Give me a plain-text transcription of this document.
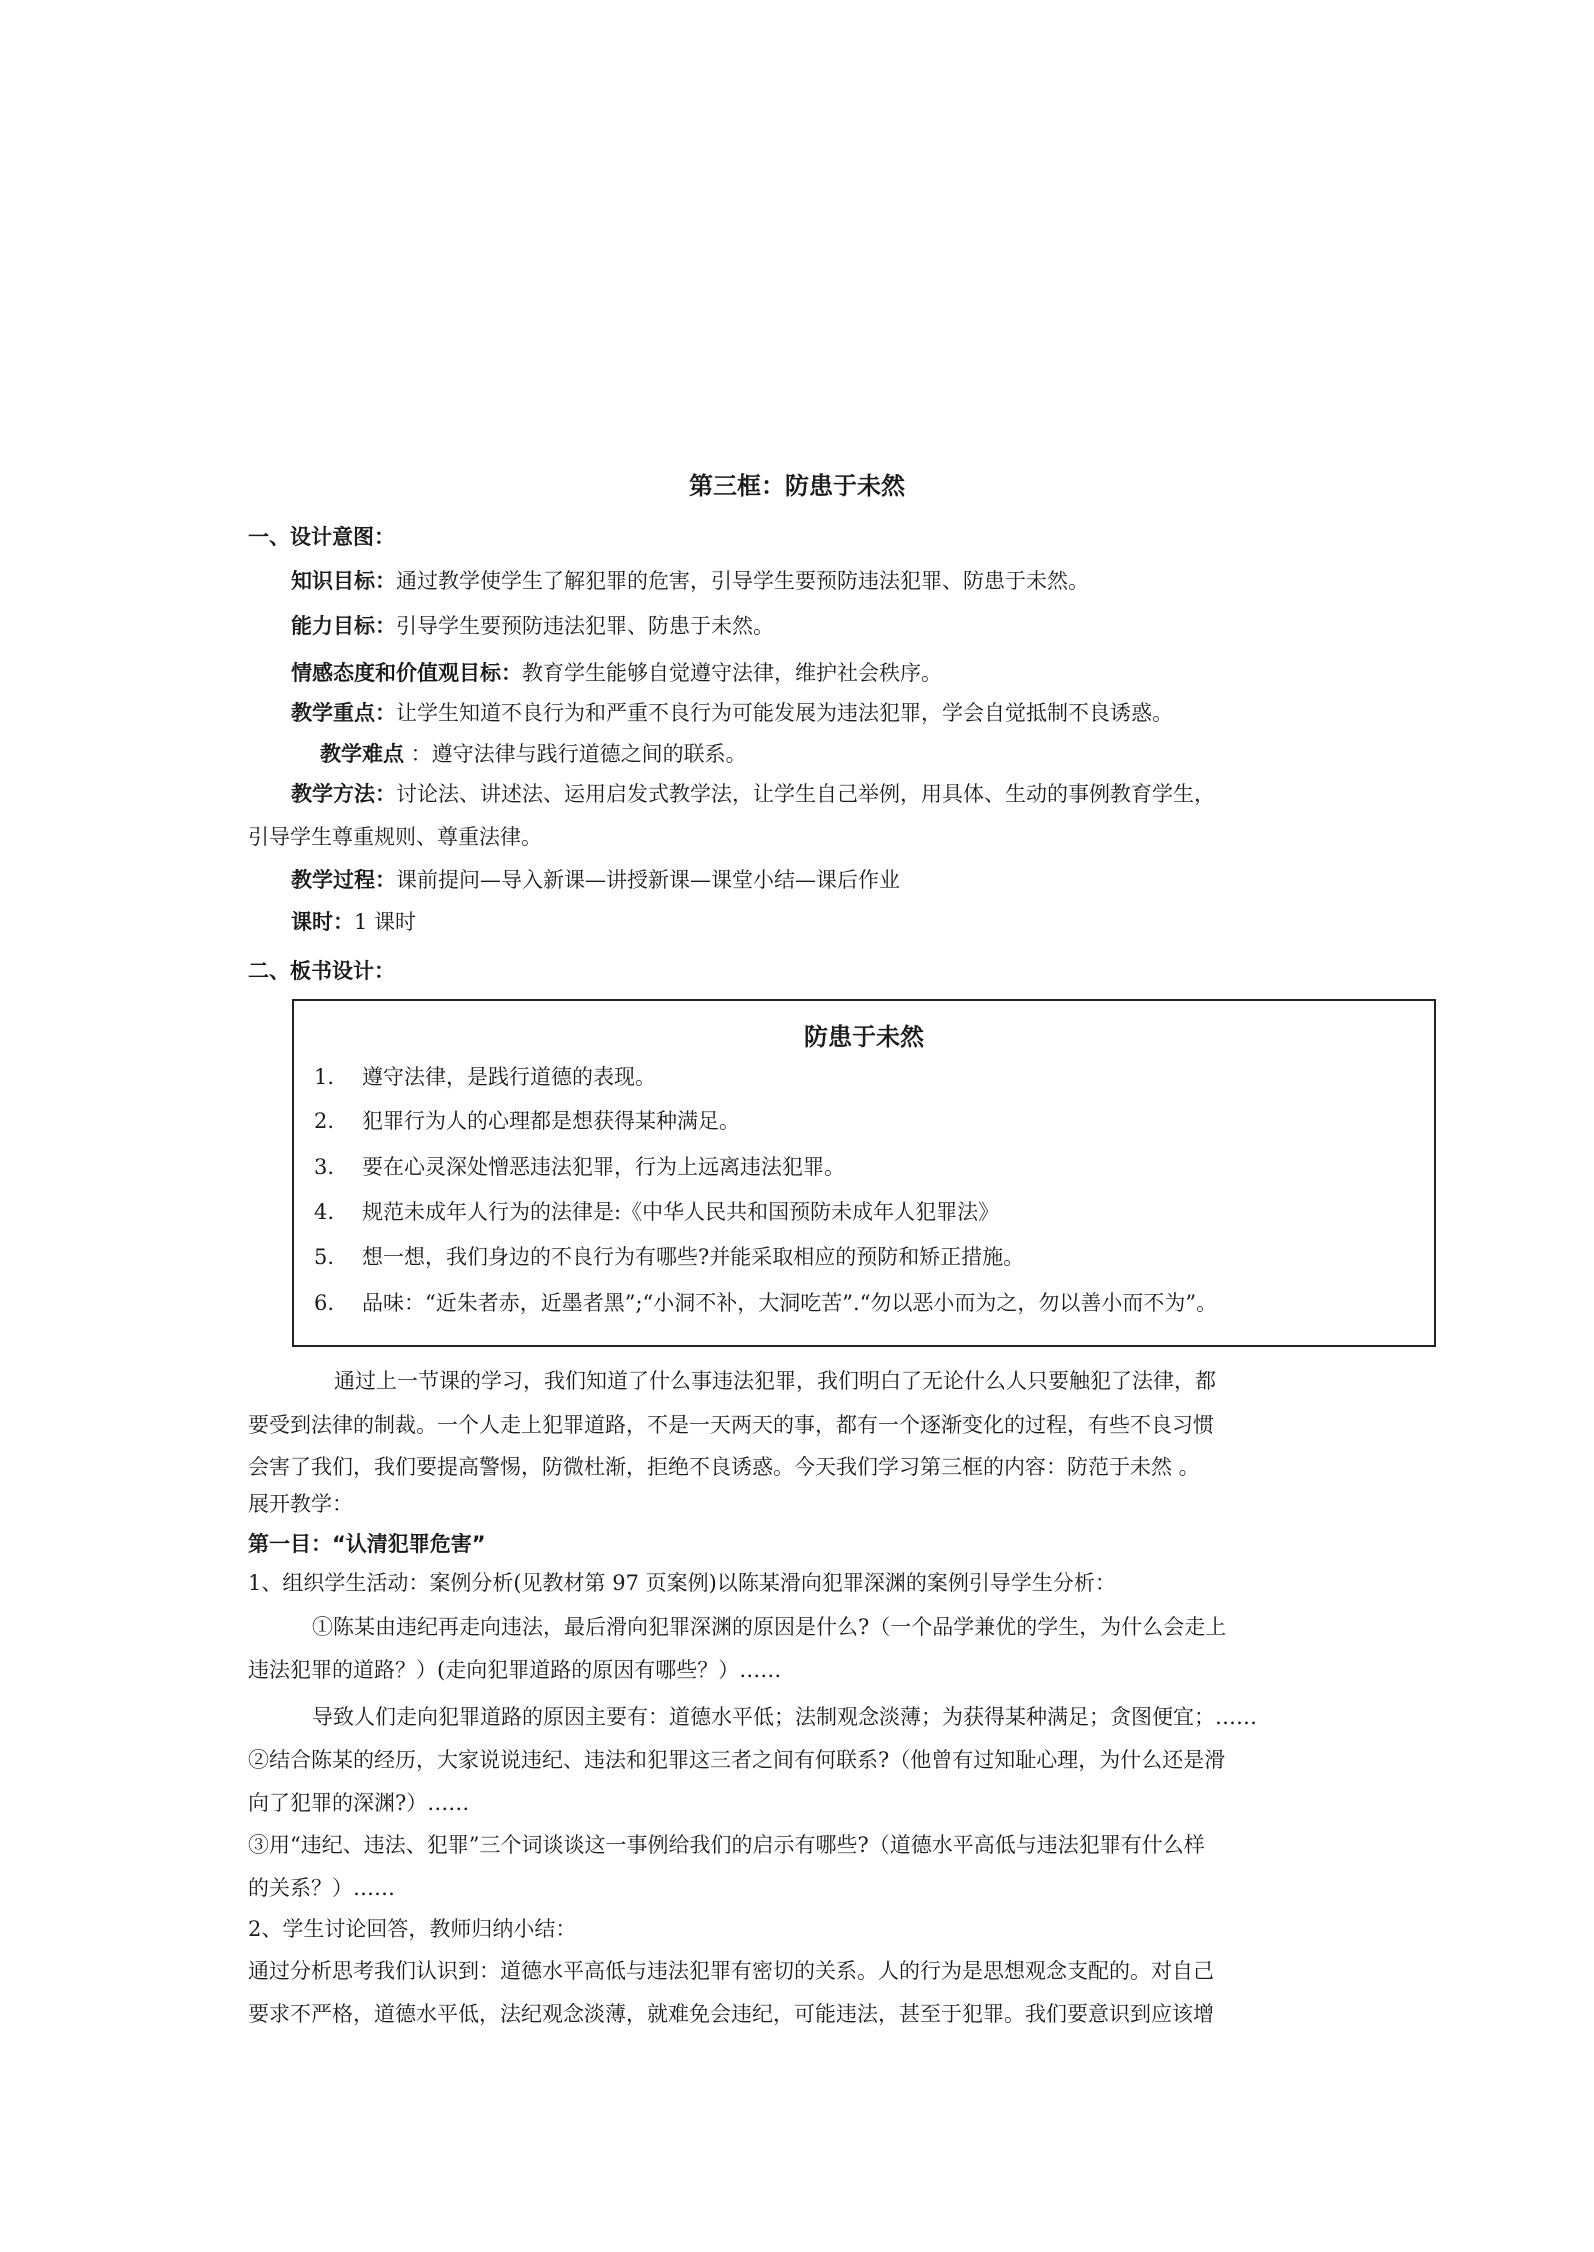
第三框：防患于未然
一、设计意图：
知识目标：通过教学使学生了解犯罪的危害，引导学生要预防违法犯罪、防患于未然。
能力目标：引导学生要预防违法犯罪、防患于未然。
情感态度和价值观目标：教育学生能够自觉遵守法律，维护社会秩序。
教学重点：让学生知道不良行为和严重不良行为可能发展为违法犯罪，学会自觉抵制不良诱惑。
教学难点 ：遵守法律与践行道德之间的联系。
教学方法：讨论法、讲述法、运用启发式教学法，让学生自己举例，用具体、生动的事例教育学生，
引导学生尊重规则、尊重法律。
教学过程：课前提问—导入新课—讲授新课—课堂小结—课后作业
课时：1 课时
二、板书设计：
防患于未然
1. 遵守法律，是践行道德的表现。
2. 犯罪行为人的心理都是想获得某种满足。
3. 要在心灵深处憎恶违法犯罪，行为上远离违法犯罪。
4. 规范未成年人行为的法律是:《中华人民共和国预防未成年人犯罪法》
5. 想一想，我们身边的不良行为有哪些?并能采取相应的预防和矫正措施。
6. 品味：“近朱者赤，近墨者黑”;“小洞不补，大洞吃苦”.“勿以恶小而为之，勿以善小而不为”。
通过上一节课的学习，我们知道了什么事违法犯罪，我们明白了无论什么人只要触犯了法律，都
要受到法律的制裁。一个人走上犯罪道路，不是一天两天的事，都有一个逐渐变化的过程，有些不良习惯
会害了我们，我们要提高警惕，防微杜渐，拒绝不良诱惑。今天我们学习第三框的内容：防范于未然 。
展开教学：
第一目：“认清犯罪危害”
1、组织学生活动：案例分析(见教材第 97 页案例)以陈某滑向犯罪深渊的案例引导学生分析：
①陈某由违纪再走向违法，最后滑向犯罪深渊的原因是什么?（一个品学兼优的学生，为什么会走上
违法犯罪的道路？）(走向犯罪道路的原因有哪些？）……
导致人们走向犯罪道路的原因主要有：道德水平低；法制观念淡薄；为获得某种满足；贪图便宜；……
②结合陈某的经历，大家说说违纪、违法和犯罪这三者之间有何联系?（他曾有过知耻心理，为什么还是滑
向了犯罪的深渊?）……
③用“违纪、违法、犯罪”三个词谈谈这一事例给我们的启示有哪些?（道德水平高低与违法犯罪有什么样
的关系？）……
2、学生讨论回答，教师归纳小结：
通过分析思考我们认识到：道德水平高低与违法犯罪有密切的关系。人的行为是思想观念支配的。对自己
要求不严格，道德水平低，法纪观念淡薄，就难免会违纪，可能违法，甚至于犯罪。我们要意识到应该增
